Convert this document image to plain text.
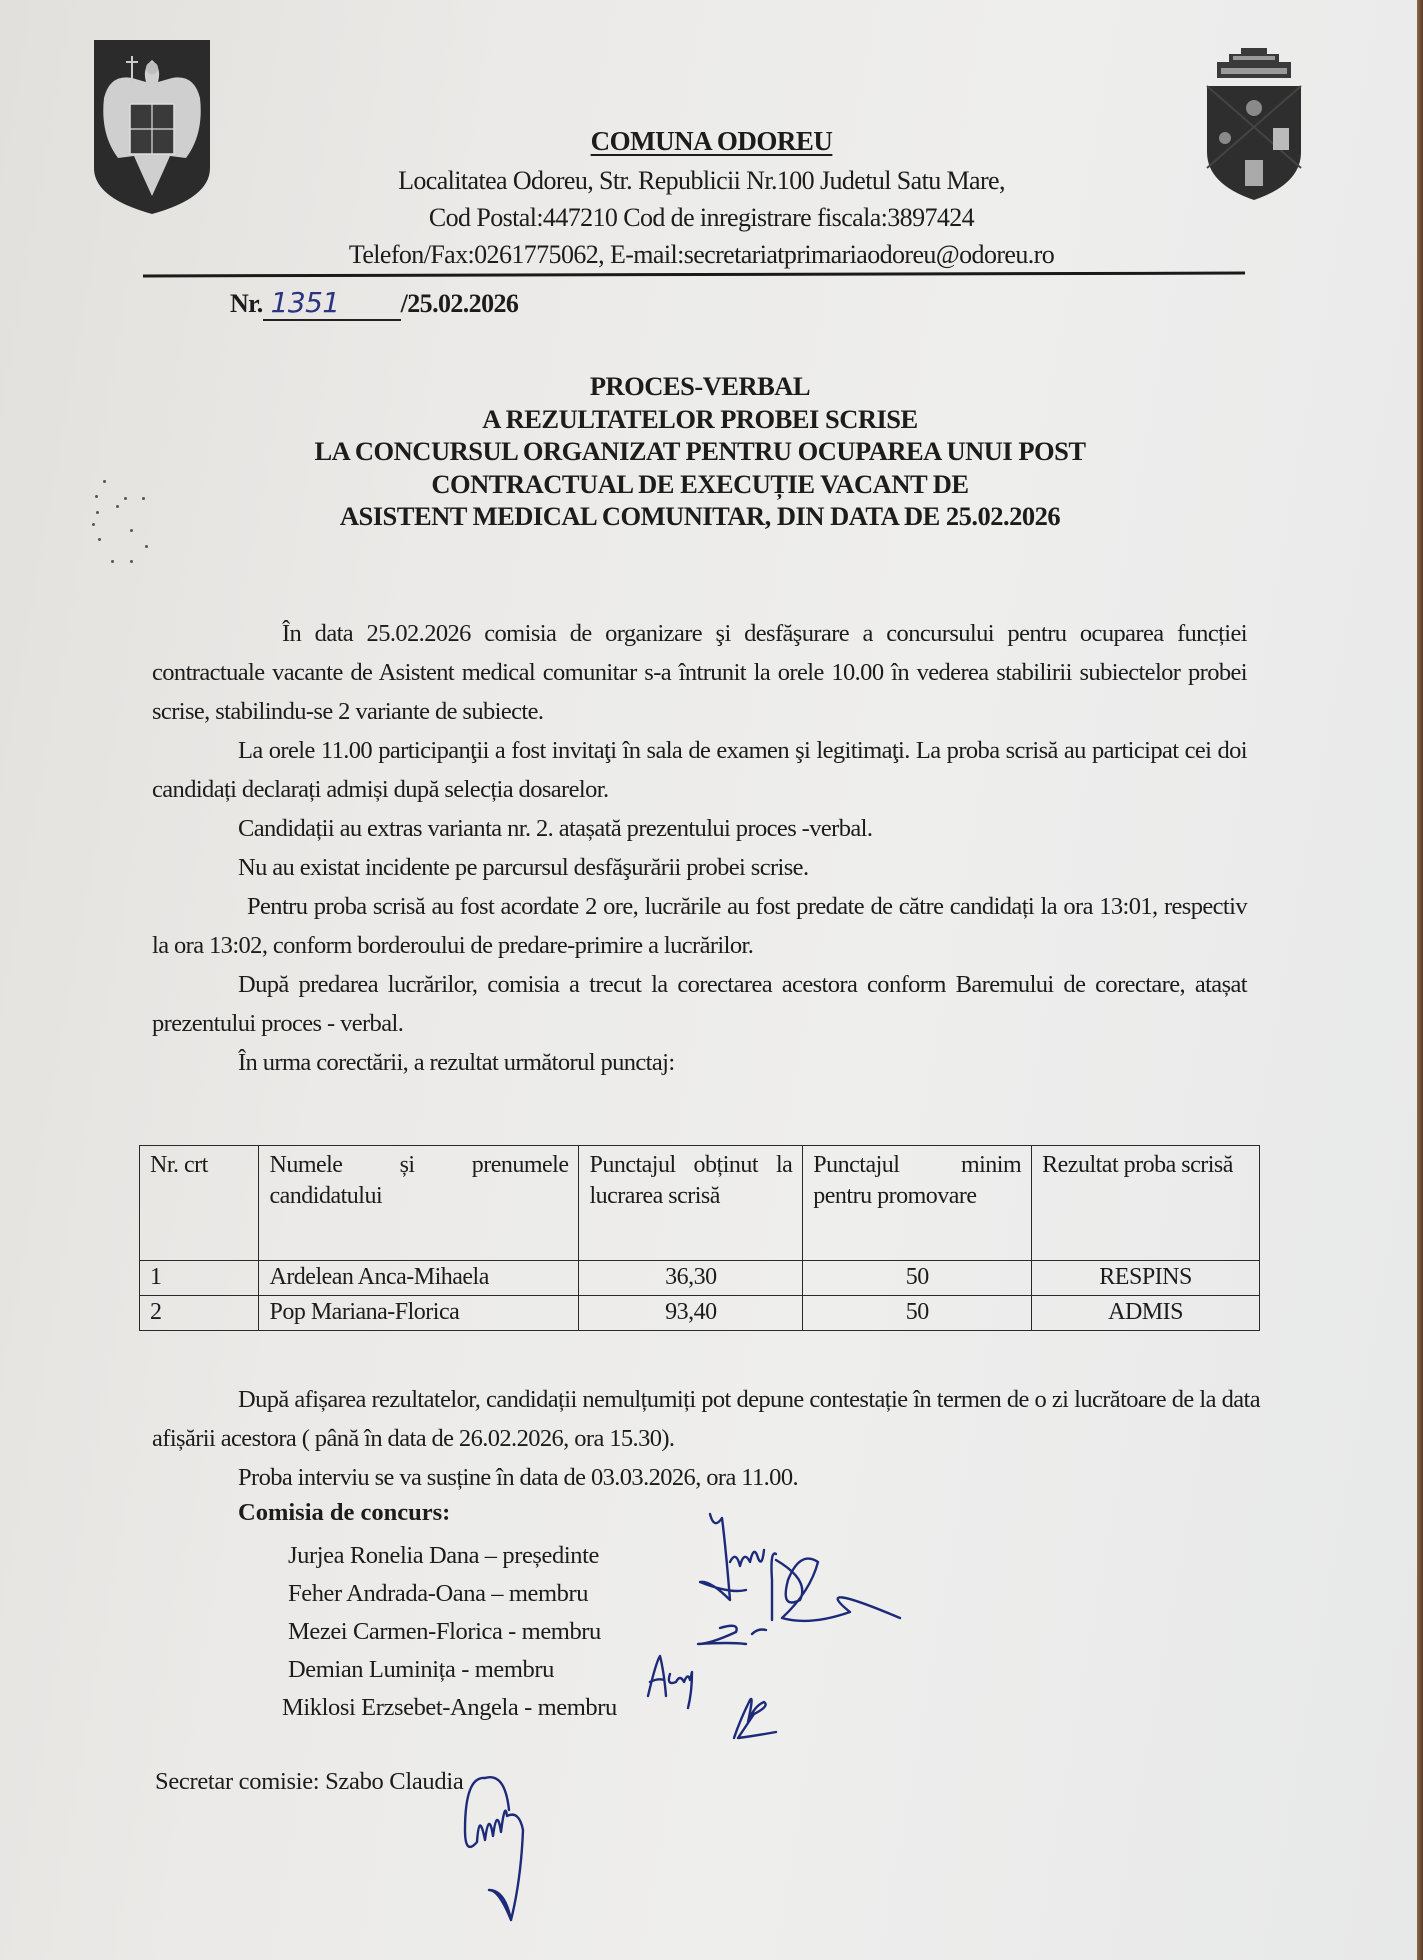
COMUNA ODOREU
Localitatea Odoreu, Str. Republicii Nr.100 Judetul Satu Mare,
Cod Postal:447210 Cod de inregistrare fiscala:3897424
Telefon/Fax:0261775062, E-mail:secretariatprimariaodoreu@odoreu.ro
Nr. 1351 /25.02.2026
PROCES-VERBAL
A REZULTATELOR PROBEI SCRISE
LA CONCURSUL ORGANIZAT PENTRU OCUPAREA UNUI POST
CONTRACTUAL DE EXECUȚIE VACANT DE
ASISTENT MEDICAL COMUNITAR, DIN DATA DE 25.02.2026

În data 25.02.2026 comisia de organizare şi desfăşurare a concursului pentru ocuparea funcției contractuale vacante de Asistent medical comunitar s-a întrunit la orele 10.00 în vederea stabilirii subiectelor probei scrise, stabilindu-se 2 variante de subiecte.

La orele 11.00 participanţii a fost invitaţi în sala de examen şi legitimaţi. La proba scrisă au participat cei doi candidați declarați admiși după selecția dosarelor.

Candidații au extras varianta nr. 2. atașată prezentului proces -verbal.

Nu au existat incidente pe parcursul desfăşurării probei scrise.

Pentru proba scrisă au fost acordate 2 ore, lucrările au fost predate de către candidați la ora 13:01, respectiv la ora 13:02, conform borderoului de predare-primire a lucrărilor.

După predarea lucrărilor, comisia a trecut la corectarea acestora conform Baremului de corectare, atașat prezentului proces - verbal.

În urma corectării, a rezultat următorul punctaj:

Nr. crt	Numele și prenumele candidatului	Punctajul obținut la lucrarea scrisă	Punctajul minim pentru promovare	Rezultat proba scrisă
1	Ardelean Anca-Mihaela	36,30	50	RESPINS
2	Pop Mariana-Florica	93,40	50	ADMIS

După afișarea rezultatelor, candidații nemulțumiți pot depune contestație în termen de o zi lucrătoare de la data afișării acestora ( până în data de 26.02.2026, ora 15.30).

Proba interviu se va susține în data de 03.03.2026, ora 11.00.

Comisia de concurs:
Jurjea Ronelia Dana – președinte
Feher Andrada-Oana – membru
Mezei Carmen-Florica - membru
Demian Luminița - membru
Miklosi Erzsebet-Angela - membru
Secretar comisie: Szabo Claudia
